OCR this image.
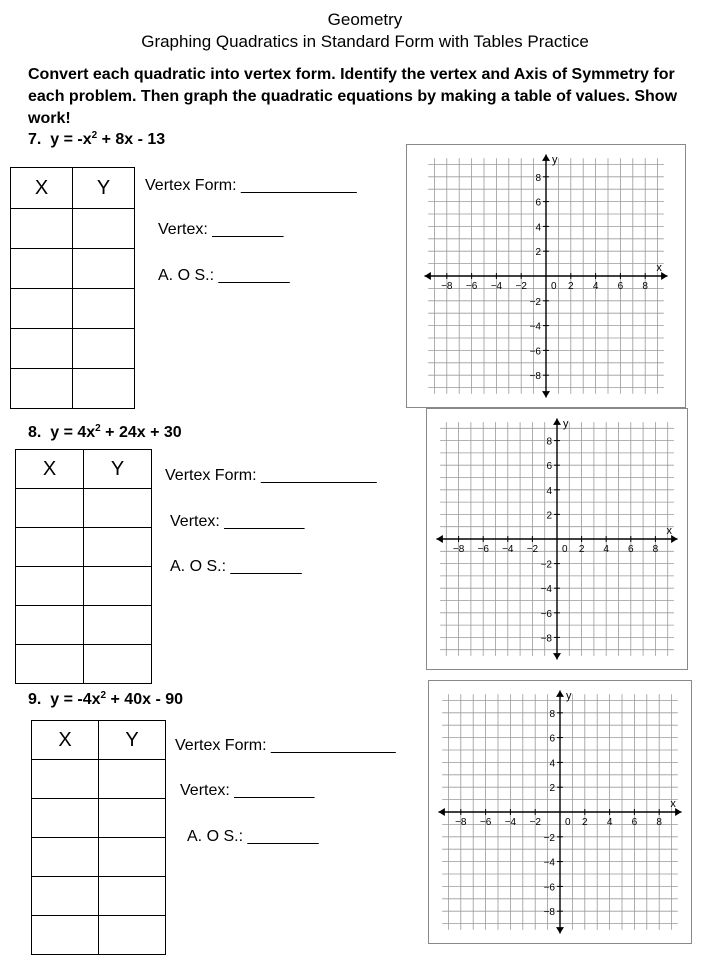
Geometry
Graphing Quadratics in Standard Form with Tables Practice
Convert each quadratic into vertex form. Identify the vertex and Axis of Symmetry for each problem. Then graph the quadratic equations by making a table of values. Show work!
7. $y = -x^2 + 8x - 13$
X	Y

	Vertex Form: _____________
Vertex: ________
A. O S.: ________	x
y
−8 −6 −4 −2 0 2 4 6 8
8
6
4
2
−2
−4
−6
−8
8. $y = 4x^2 + 24x + 30$
X	Y

		Vertex Form: _____________
Vertex: _________
A. O S.: ________
x
y
−8 −6 −4 −2 0 2 4 6 8
8
6
4
2
−2
−4
−6
−8
9. $y = -4x^2 + 40x - 90$
X	Y

	Vertex Form: ______________
Vertex: _________
A. O S.: ________
x
y
−8 −6 −4 −2 0 2 4 6 8
8
6
4
2
−2
−4
−6
−8
